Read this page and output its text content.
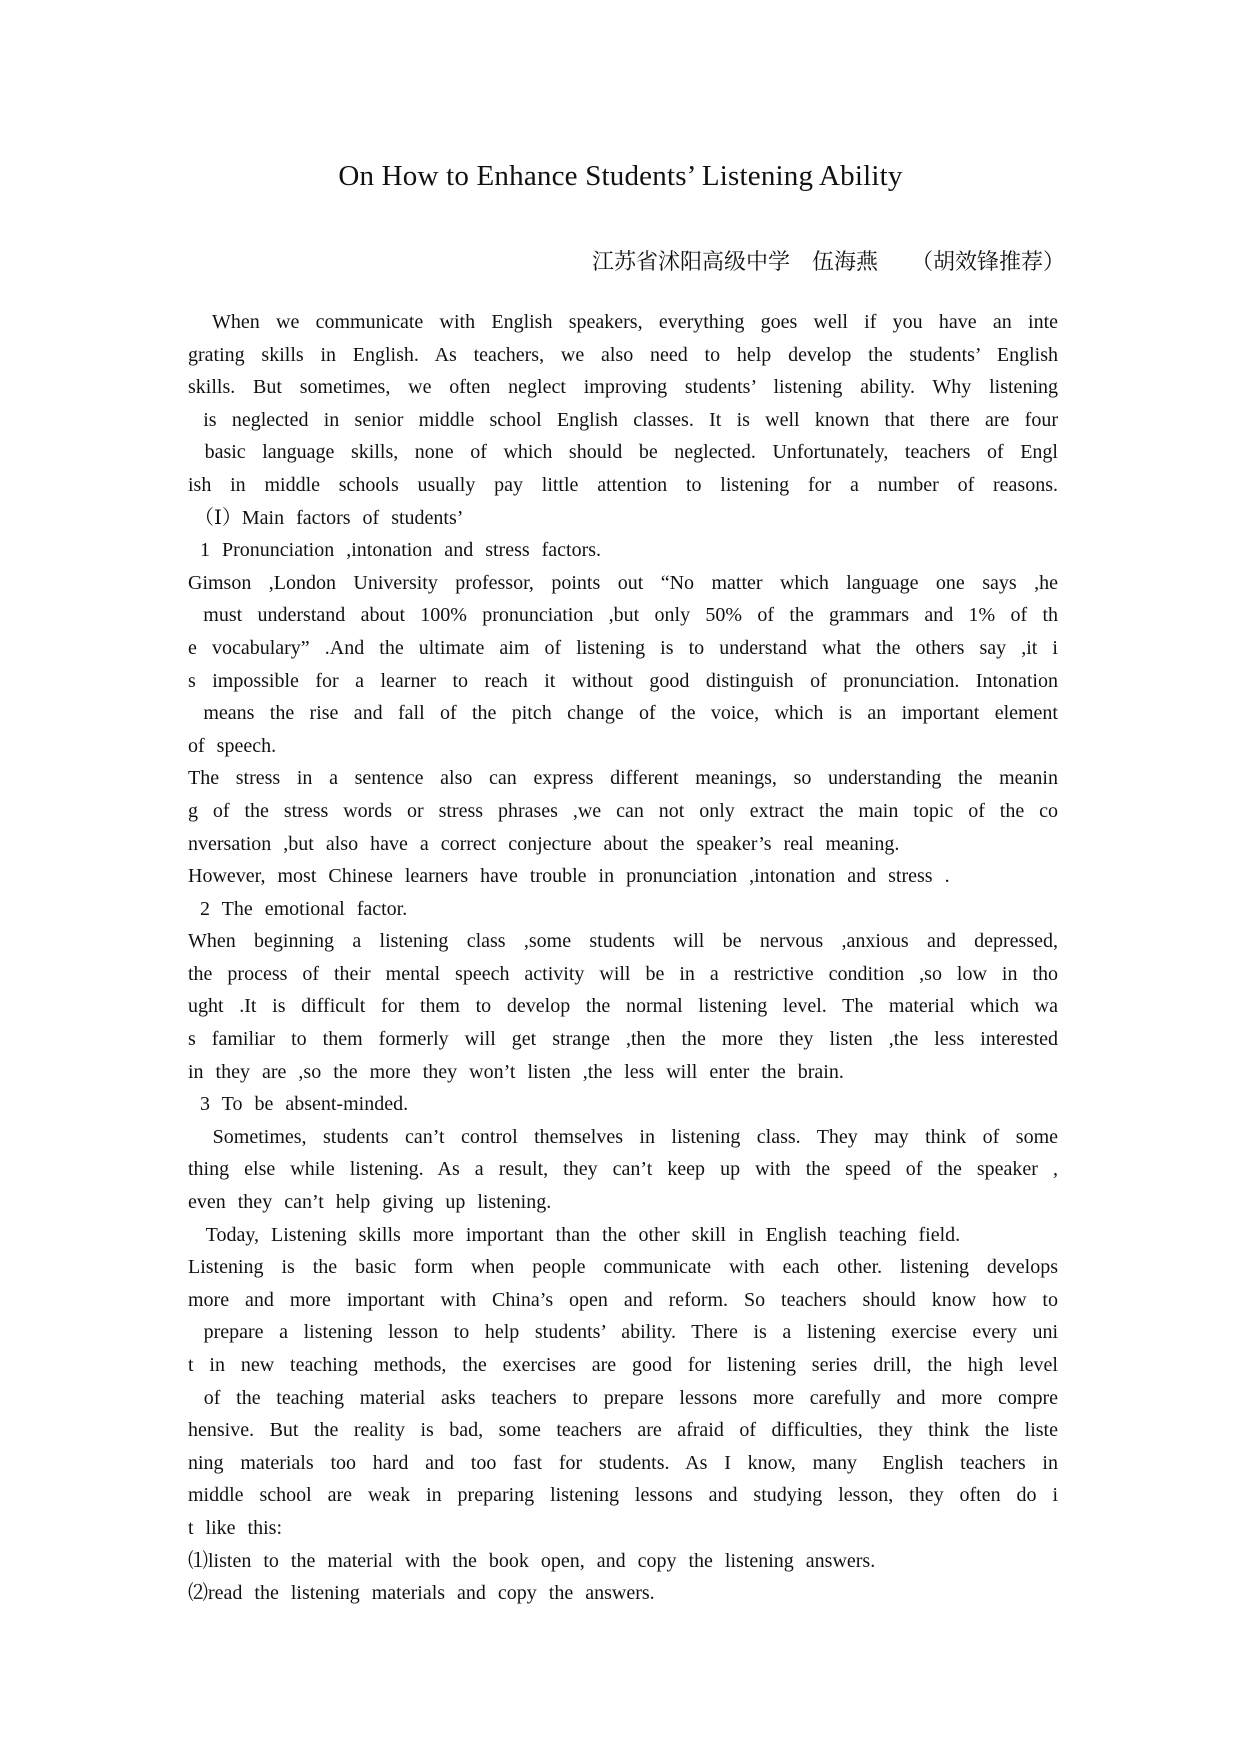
On How to Enhance Students’ Listening Ability
江苏省沭阳高级中学    伍海燕      （胡效锋推荐）
When  we  communicate  with  English  speakers,  everything  goes  well  if  you  have  an  inte
grating  skills  in  English.  As  teachers,  we  also  need  to  help  develop  the  students’  English
skills.  But  sometimes,  we  often  neglect  improving  students’  listening  ability.  Why  listening
is  neglected  in  senior  middle  school  English  classes.  It  is  well  known  that  there  are  four
basic  language  skills,  none  of  which  should  be  neglected.  Unfortunately,  teachers  of  Engl
ish  in  middle  schools  usually  pay  little  attention  to  listening  for  a  number  of  reasons.
（Ⅰ）Main  factors  of  students’
1  Pronunciation  ,intonation  and  stress  factors.
Gimson  ,London  University  professor,  points  out  “No  matter  which  language  one  says  ,he
must  understand  about  100%  pronunciation  ,but  only  50%  of  the  grammars  and  1%  of  th
e  vocabulary”  .And  the  ultimate  aim  of  listening  is  to  understand  what  the  others  say  ,it  i
s  impossible  for  a  learner  to  reach  it  without  good  distinguish  of  pronunciation.  Intonation
means  the  rise  and  fall  of  the  pitch  change  of  the  voice,  which  is  an  important  element
of  speech.
The  stress  in  a  sentence  also  can  express  different  meanings,  so  understanding  the  meanin
g  of  the  stress  words  or  stress  phrases  ,we  can  not  only  extract  the  main  topic  of  the  co
nversation  ,but  also  have  a  correct  conjecture  about  the  speaker’s  real  meaning.
However,  most  Chinese  learners  have  trouble  in  pronunciation  ,intonation  and  stress  .
2  The  emotional  factor.
When  beginning  a  listening  class  ,some  students  will  be  nervous  ,anxious  and  depressed,
the  process  of  their  mental  speech  activity  will  be  in  a  restrictive  condition  ,so  low  in  tho
ught  .It  is  difficult  for  them  to  develop  the  normal  listening  level.  The  material  which  wa
s  familiar  to  them  formerly  will  get  strange  ,then  the  more  they  listen  ,the  less  interested
in  they  are  ,so  the  more  they  won’t  listen  ,the  less  will  enter  the  brain.
3  To  be  absent-minded.
Sometimes,  students  can’t  control  themselves  in  listening  class.  They  may  think  of  some
thing  else  while  listening.  As  a  result,  they  can’t  keep  up  with  the  speed  of  the  speaker  ,
even  they  can’t  help  giving  up  listening.
Today,  Listening  skills  more  important  than  the  other  skill  in  English  teaching  field.
Listening  is  the  basic  form  when  people  communicate  with  each  other.  listening  develops
more  and  more  important  with  China’s  open  and  reform.  So  teachers  should  know  how  to
prepare  a  listening  lesson  to  help  students’  ability.  There  is  a  listening  exercise  every  uni
t  in  new  teaching  methods,  the  exercises  are  good  for  listening  series  drill,  the  high  level
of  the  teaching  material  asks  teachers  to  prepare  lessons  more  carefully  and  more  compre
hensive.  But  the  reality  is  bad,  some  teachers  are  afraid  of  difficulties,  they  think  the  liste
ning  materials  too  hard  and  too  fast  for  students.  As  I  know,  many   English  teachers  in
middle  school  are  weak  in  preparing  listening  lessons  and  studying  lesson,  they  often  do  i
t  like  this:
⑴listen  to  the  material  with  the  book  open,  and  copy  the  listening  answers.
⑵read  the  listening  materials  and  copy  the  answers.
